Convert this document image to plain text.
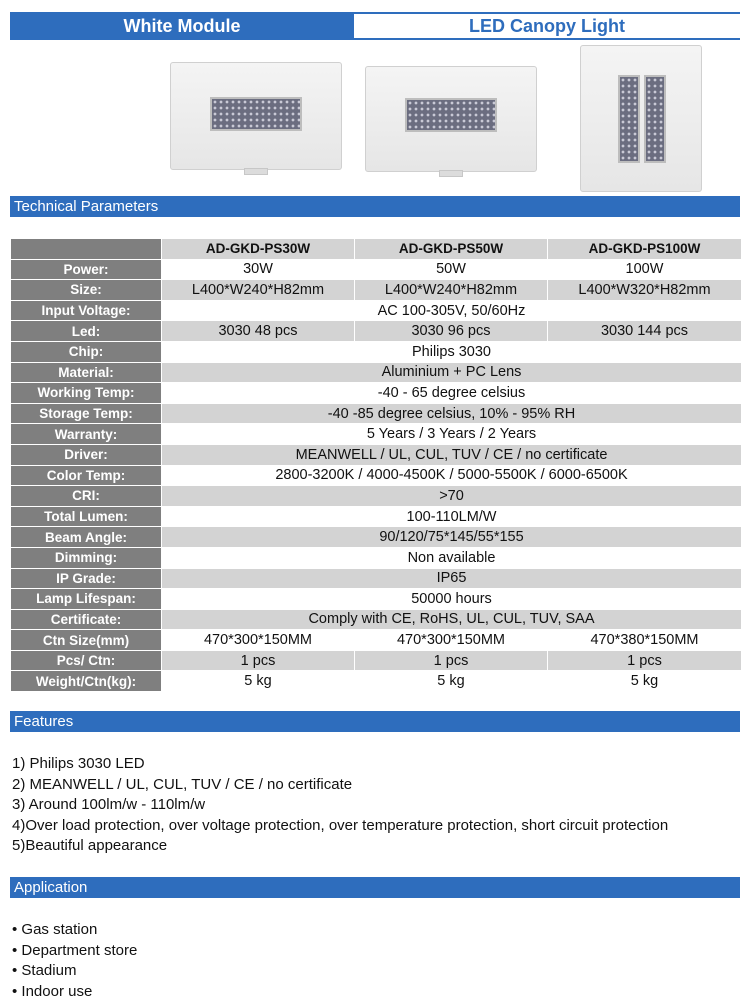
White Module	LED Canopy Light
Technical Parameters
	AD-GKD-PS30W	AD-GKD-PS50W	AD-GKD-PS100W
Power:	30W	50W	100W
Size:	L400*W240*H82mm	L400*W240*H82mm	L400*W320*H82mm
Input Voltage:	AC 100-305V, 50/60Hz		
Led:	3030 48 pcs	3030 96 pcs	3030 144 pcs
Chip:	Philips 3030		
Material:	Aluminium + PC Lens		
Working Temp:	-40 - 65 degree celsius		
Storage Temp:	-40 -85 degree celsius, 10% - 95% RH		
Warranty:	5 Years / 3 Years / 2 Years		
Driver:	MEANWELL / UL, CUL, TUV / CE / no certificate		
Color Temp:	2800-3200K / 4000-4500K / 5000-5500K / 6000-6500K		
CRI:	>70		
Total Lumen:	100-110LM/W		
Beam Angle:	90/120/75*145/55*155		
Dimming:	Non available		
IP Grade:	IP65		
Lamp Lifespan:	50000 hours		
Certificate:	Comply with CE, RoHS, UL, CUL, TUV, SAA		
Ctn Size(mm)	470*300*150MM	470*300*150MM	470*380*150MM
Pcs/ Ctn:	1 pcs	1 pcs	1 pcs
Weight/Ctn(kg):	5 kg	5 kg	5 kg
Features
1) Philips 3030 LED
2) MEANWELL / UL, CUL, TUV / CE / no certificate
3) Around 100lm/w - 110lm/w
4)Over load protection, over voltage protection, over temperature protection, short circuit protection
5)Beautiful appearance
Application
• Gas station
• Department store
• Stadium
• Indoor use
